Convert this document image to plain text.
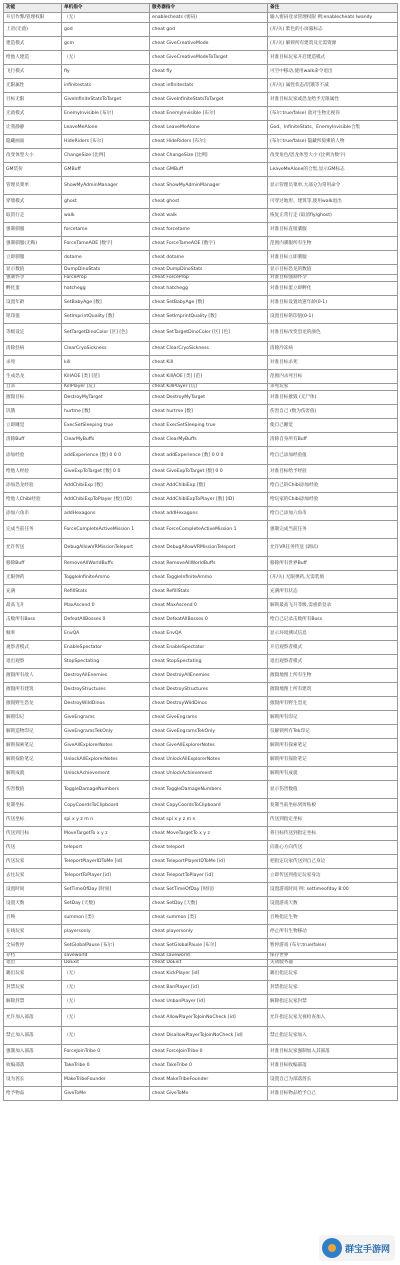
功能	单机指令	服务器指令	备注
开启作弊/管理权限	（无）	enablecheats (密码)	输入密码登录管理权限 例:enablecheats lwandy
上帝(无敌)	god	cheat god	(开/关) 紫色的小屏幕标志
建造模式	gcm	cheat GiveCreativeMode	(开/关) 解锁所有建筑及无需资源
给他人建造	（无）	cheat GiveCreativeModeToTarget	对准目标玩家开启建造模式
飞行模式	fly	cheat fly	可空中移动,使用walk命令退出
无限属性	infinitestats	cheat infinitestats	(开/关) 属性状态/饥饿等不减
目标无限	GiveInfiniteStatsToTarget	cheat GiveInfiniteStatsToTarget	对准目标玩家或恐龙给予无限属性
无敌模式	EnemyInvisible [布尔]	cheat EnemyInvisible [布尔]	(布尔:true/false) 敌对生物无视你
让我静静	LeaveMeAlone	cheat LeaveMeAlone	God、InfiniteStats、EnemyInvisible合集
隐藏画面	HideRiders [布尔]	cheat HideRiders [布尔]	(布尔:true/false) 隐藏所骑乘的人物
改变体型大小	ChangeSize [比例]	cheat ChangeSize [比例]	改变角色/恐龙体型大小 (比例为数字)
GM装扮	GMBuff	cheat GMBuff	LeaveMeAlone的合集,显示GM标志
管理员菜单	ShowMyAdminManager	cheat ShowMyAdminManager	显示管理员菜单,大部分为常用命令
穿墙模式	ghost	cheat ghost	可穿过地形、建筑等,使用walk退出
取消行走	walk	cheat walk	恢复正常行走 (取消fly/ghost)
强制驯服	forcetame	cheat forcetame	对准目标直接驯服
强制驯服(无鞍)	ForceTameAOE [数字]	cheat ForceTameAOE [数字]	范围内驯服所有生物
立即驯服	dotame	cheat dotame	对准目标立即驯服
显示数值	DumpDinoStats	cheat DumpDinoStats	显示目标恐龙的数值
强制怀孕	ForceProp	cheat ForceProp	对准目标强制怀孕
孵化蛋	hatchegg	cheat hatchegg	对准目标蛋立即孵化
设置年龄	SetBabyAge [数]	cheat SetBabyAge [数]	对准目标设置幼崽年龄(0-1)
铭印值	SetImprintQuality [数]	cheat SetImprintQuality [数]	设置目标铭印值(0-1)
等级设定	SetTargetDinoColor [区] [色]	cheat SetTargetDinoColor [区] [色]	对准目标改变恐龙的颜色
清除怪病	ClearCryoSickness	cheat ClearCryoSickness	清除冷冻病
杀死	kill	cheat Kill	对准目标杀死
生成恐龙	KillAOE [类] [范]	cheat KillAOE [类] [范]	范围内杀死目标
自杀	KillPlayer [玩]	cheat KillPlayer [玩]	杀死玩家
摧毁目标	DestroyMyTarget	cheat DestroyMyTarget	对准目标摧毁 (无尸体)
饥饿	hurtme [数]	cheat hurtme [数]	伤害自己 (数为伤害值)
立即睡觉	ExecSetSleeping true	cheat ExecSetSleeping true	使自己睡觉
清除Buff	ClearMyBuffs	cheat ClearMyBuffs	清除自身所有Buff
添加经验	addExperience [数] 0 0 0	cheat addExperience [数] 0 0 0	给自己添加经验值
给他人经验	GiveExpToTarget [数] 0 0	cheat GiveExpToTarget [数] 0 0	对准目标给予经验
添加恐龙经验	AddChibiExp [数]	cheat AddChibiExp [数]	给自己的Chibi添加经验
给他人Chibi经验	AddChibiExpToPlayer [数] [ID]	cheat AddChibiExpToPlayer [数] [ID]	给玩家的Chibi添加经验
添加六角币	addHexagons	cheat addHexagons	给自己添加六角币
完成当前任务	ForceCompleteActiveMission 1	cheat ForceCompleteActiveMission 1	强制完成当前任务
允许传送	DebugAllowVRMissionTeleport	cheat DebugAllowVRMissionTeleport	允许VR任务传送 (调试)
移除Buff	RemoveAllWorldBuffs	cheat RemoveAllWorldBuffs	移除所有世界Buff
无限弹药	ToggleInfiniteAmmo	cheat ToggleInfiniteAmmo	(开/关) 无限弹药,无需装填
充满	RefillStats	cheat RefillStats	充满所有状态
最高飞升	MaxAscend 0	cheat MaxAscend 0	解锁最高飞升等级,需重新登录
击败所有Boss	DefeatAllBosses 0	cheat DefeatAllBosses 0	给自己记录击败所有Boss
帧率	EnvQA	cheat EnvQA	显示环境测试信息
观察者模式	EnableSpectator	cheat EnableSpectator	开启观察者模式
退出观察	StopSpectating	cheat StopSpectating	退出观察者模式
摧毁所有敌人	DestroyAllEnemies	cheat DestroyAllEnemies	摧毁地图上所有生物
摧毁所有建筑	DestroyStructures	cheat DestroyStructures	摧毁地图上所有建筑
摧毁野生恐龙	DestroyWildDinos	cheat DestroyWildDinos	摧毁所有野生恐龙
解锁印记	GiveEngrams	cheat GiveEngrams	解锁所有印记
解锁造物印记	GiveEngramsTekOnly	cheat GiveEngramsTekOnly	仅解锁所有Tek印记
解锁探索笔记	GiveAllExplorerNotes	cheat GiveAllExplorerNotes	解锁所有探索笔记
解锁探险笔记	UnlockAllExplorerNotes	cheat UnlockAllExplorerNotes	解锁所有探险笔记
解锁成就	UnlockAchievement	cheat UnlockAchievement	解锁所有成就
伤害数值	ToggleDamageNumbers	cheat ToggleDamageNumbers	显示伤害数值
复制坐标	CopyCoordsToClipboard	cheat CopyCoordsToClipboard	复制当前坐标到剪贴板
传送坐标	spi x y z m n	cheat spi x y z m n	传送到指定坐标
传送到目标	MoveTargetTo x y z	cheat MoveTargetTo x y z	将目标传送到指定坐标
传送	teleport	cheat teleport	向准心方向传送
传送玩家	TeleportPlayerIDToMe [id]	cheat TeleportPlayerIDToMe [id]	把指定玩家传送到自己身边
去往玩家	TeleportToPlayer [id]	cheat TeleportToPlayer [id]	立即传送到指定玩家身边
设置时间	SetTimeOfDay [时间]	cheat SetTimeOfDay [时间]	设置游戏时间 例: settimeofday 8:00
设置天数	SetDay [天数]	cheat SetDay [天数]	设置游戏天数
召唤	summon [类]	cheat summon [类]	召唤指定生物
在线玩家	playersonly	cheat playersonly	停止所有生物移动
全局暂停	SetGlobalPause [布尔]	cheat SetGlobalPause [布尔]	暂停游戏 (布尔:true/false)
存档	saveworld	cheat saveworld	保存世界
退出	DoExit	cheat DoExit	关闭服务器
踢出玩家	（无）	cheat KickPlayer [id]	踢出指定玩家
封禁玩家	（无）	cheat BanPlayer [id]	封禁指定玩家
解除封禁	（无）	cheat UnbanPlayer [id]	解除指定玩家封禁
允许加入部落	（无）	cheat AllowPlayerToJoinNoCheck [id]	允许指定玩家无视检查加入
禁止加入部落	（无）	cheat DisallowPlayerToJoinNoCheck [id]	禁止指定玩家加入
强制加入部落	ForceJoinTribe 0	cheat ForceJoinTribe 0	对准目标玩家强制加入其部落
收编部落	TakeTribe 0	cheat TakeTribe 0	对准目标收编部落
设为酋长	MakeTribeFounder	cheat MakeTribeFounder	设置自己为部落酋长
给予物品	GiveToMe	cheat GiveToMe	对准目标物品给予自己
群宝手游网
